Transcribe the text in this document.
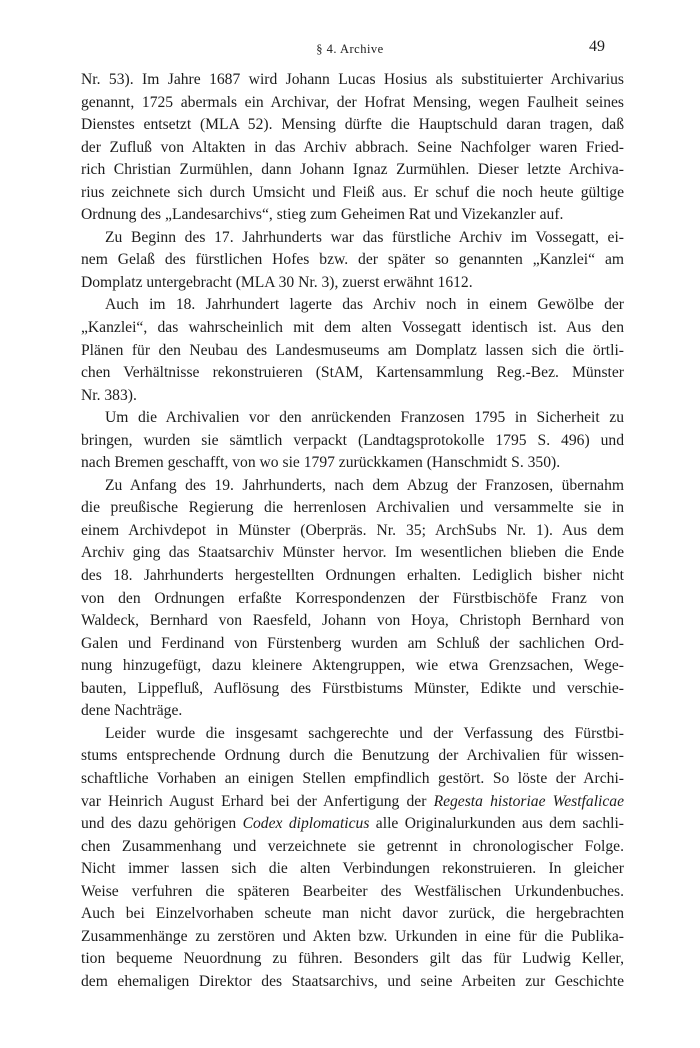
§ 4. Archive	49
Nr. 53). Im Jahre 1687 wird Johann Lucas Hosius als substituierter Archivarius
genannt, 1725 abermals ein Archivar, der Hofrat Mensing, wegen Faulheit seines
Dienstes entsetzt (MLA 52). Mensing dürfte die Hauptschuld daran tragen, daß
der Zufluß von Altakten in das Archiv abbrach. Seine Nachfolger waren Fried-
rich Christian Zurmühlen, dann Johann Ignaz Zurmühlen. Dieser letzte Archiva-
rius zeichnete sich durch Umsicht und Fleiß aus. Er schuf die noch heute gültige
Ordnung des „Landesarchivs“, stieg zum Geheimen Rat und Vizekanzler auf.
Zu Beginn des 17. Jahrhunderts war das fürstliche Archiv im Vossegatt, ei-
nem Gelaß des fürstlichen Hofes bzw. der später so genannten „Kanzlei“ am
Domplatz untergebracht (MLA 30 Nr. 3), zuerst erwähnt 1612.
Auch im 18. Jahrhundert lagerte das Archiv noch in einem Gewölbe der
„Kanzlei“, das wahrscheinlich mit dem alten Vossegatt identisch ist. Aus den
Plänen für den Neubau des Landesmuseums am Domplatz lassen sich die örtli-
chen Verhältnisse rekonstruieren (StAM, Kartensammlung Reg.-Bez. Münster
Nr. 383).
Um die Archivalien vor den anrückenden Franzosen 1795 in Sicherheit zu
bringen, wurden sie sämtlich verpackt (Landtagsprotokolle 1795 S. 496) und
nach Bremen geschafft, von wo sie 1797 zurückkamen (Hanschmidt S. 350).
Zu Anfang des 19. Jahrhunderts, nach dem Abzug der Franzosen, übernahm
die preußische Regierung die herrenlosen Archivalien und versammelte sie in
einem Archivdepot in Münster (Oberpräs. Nr. 35; ArchSubs Nr. 1). Aus dem
Archiv ging das Staatsarchiv Münster hervor. Im wesentlichen blieben die Ende
des 18. Jahrhunderts hergestellten Ordnungen erhalten. Lediglich bisher nicht
von den Ordnungen erfaßte Korrespondenzen der Fürstbischöfe Franz von
Waldeck, Bernhard von Raesfeld, Johann von Hoya, Christoph Bernhard von
Galen und Ferdinand von Fürstenberg wurden am Schluß der sachlichen Ord-
nung hinzugefügt, dazu kleinere Aktengruppen, wie etwa Grenzsachen, Wege-
bauten, Lippefluß, Auflösung des Fürstbistums Münster, Edikte und verschie-
dene Nachträge.
Leider wurde die insgesamt sachgerechte und der Verfassung des Fürstbi-
stums entsprechende Ordnung durch die Benutzung der Archivalien für wissen-
schaftliche Vorhaben an einigen Stellen empfindlich gestört. So löste der Archi-
var Heinrich August Erhard bei der Anfertigung der Regesta historiae Westfalicae
und des dazu gehörigen Codex diplomaticus alle Originalurkunden aus dem sachli-
chen Zusammenhang und verzeichnete sie getrennt in chronologischer Folge.
Nicht immer lassen sich die alten Verbindungen rekonstruieren. In gleicher
Weise verfuhren die späteren Bearbeiter des Westfälischen Urkundenbuches.
Auch bei Einzelvorhaben scheute man nicht davor zurück, die hergebrachten
Zusammenhänge zu zerstören und Akten bzw. Urkunden in eine für die Publika-
tion bequeme Neuordnung zu führen. Besonders gilt das für Ludwig Keller,
dem ehemaligen Direktor des Staatsarchivs, und seine Arbeiten zur Geschichte
